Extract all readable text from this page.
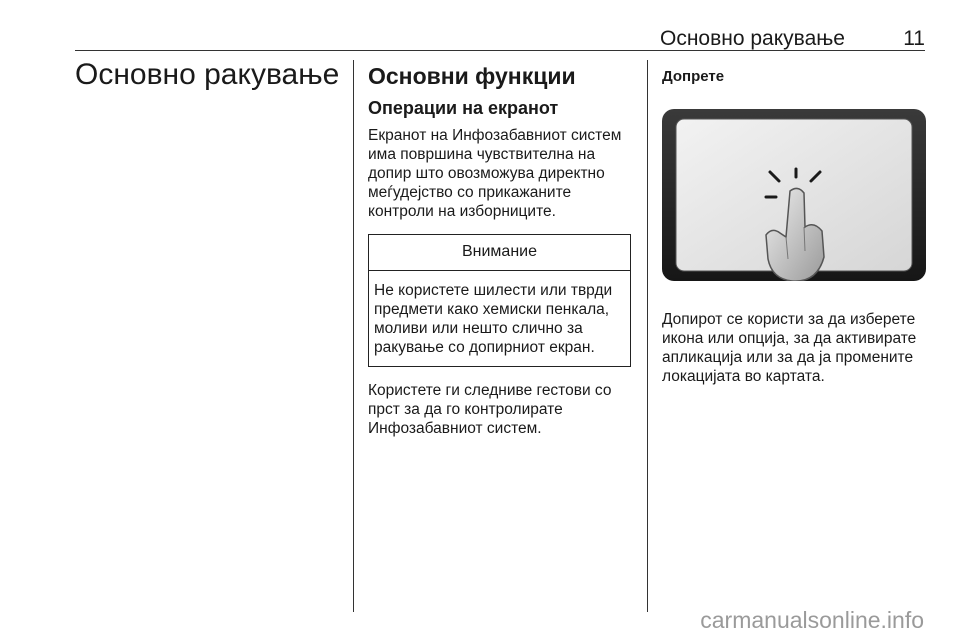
Основно ракување	11
Основно ракување Основни функции
Операции на екранот

Екранот на Инфозабавниот систем има површина чувствителна на допир што овозможува директно меѓудејство со прикажаните контроли на изборниците.

Внимание
Не користете шилести или тврди предмети како хемиски пенкала, моливи или нешто слично за ракување со допирниот екран.

Користете ги следниве гестови со прст за да го контролирате Инфозабавниот систем.

Допрете

Допирот се користи за да изберете икона или опција, за да активирате апликација или за да ја промените локацијата во картата.

carmanualsonline.info
